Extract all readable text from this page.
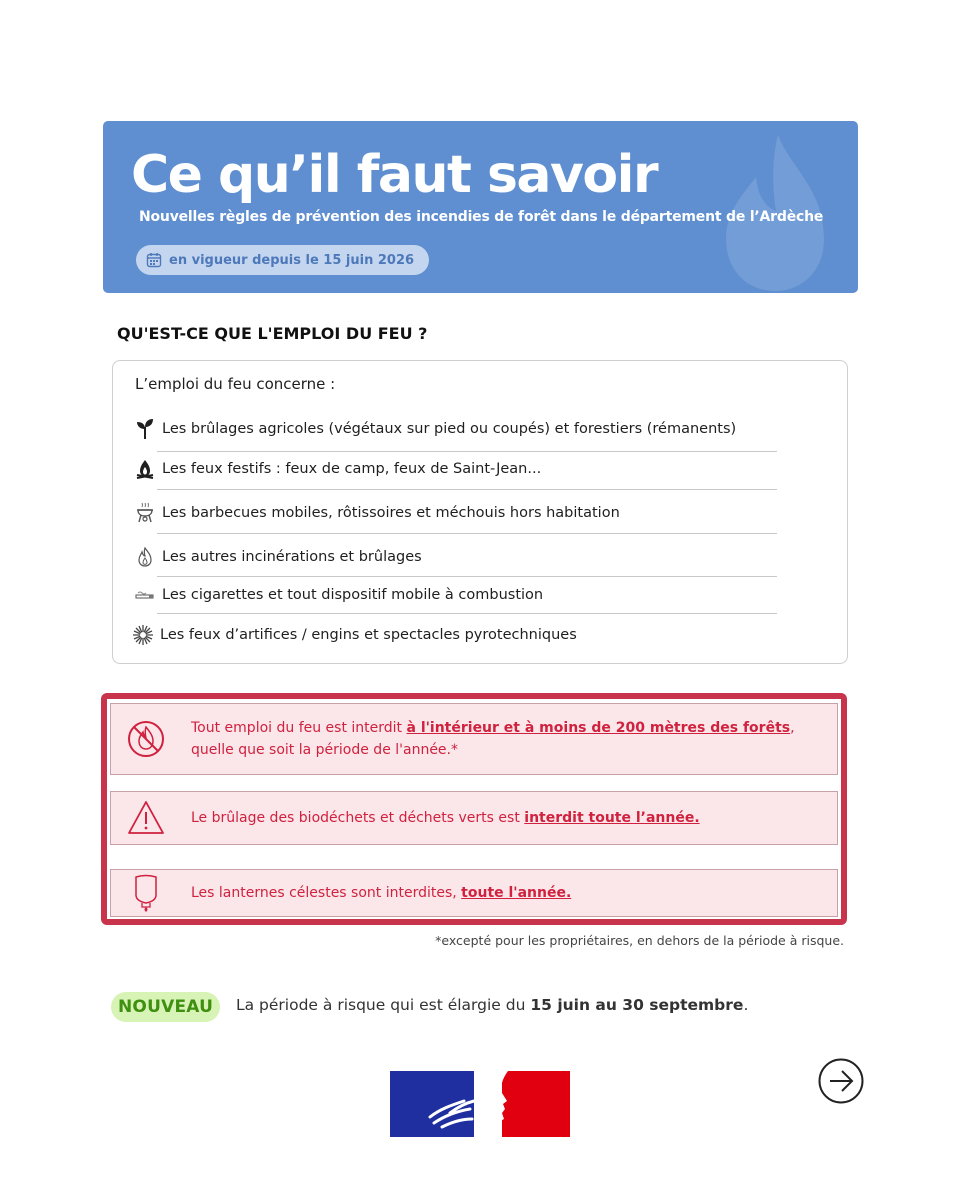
Ce qu’il faut savoir
Nouvelles règles de prévention des incendies de forêt dans le département de l’Ardèche
en vigueur depuis le 15 juin 2026
QU'EST-CE QUE L'EMPLOI DU FEU ?
L’emploi du feu concerne :
Les brûlages agricoles (végétaux sur pied ou coupés) et forestiers (rémanents)
Les feux festifs : feux de camp, feux de Saint-Jean...
Les barbecues mobiles, rôtissoires et méchouis hors habitation
Les autres incinérations et brûlages
Les cigarettes et tout dispositif mobile à combustion
Les feux d’artifices / engins et spectacles pyrotechniques
Tout emploi du feu est interdit à l'intérieur et à moins de 200 mètres des forêts,
quelle que soit la période de l'année.*
Le brûlage des biodéchets et déchets verts est interdit toute l’année.
Les lanternes célestes sont interdites, toute l'année.
*excepté pour les propriétaires, en dehors de la période à risque.
NOUVEAU	La période à risque qui est élargie du 15 juin au 30 septembre.
